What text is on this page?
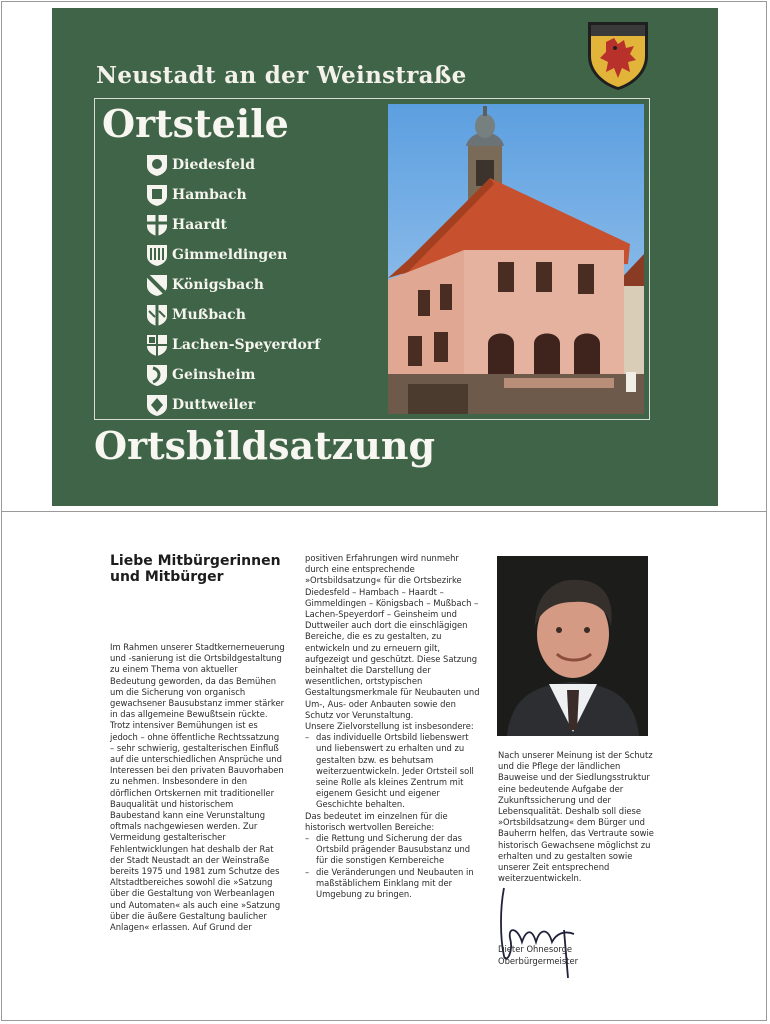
Neustadt an der Weinstraße
Ortsteile
Diedesfeld
Hambach
Haardt
Gimmeldingen
Königsbach
Mußbach
Lachen-Speyerdorf
Geinsheim
Duttweiler
Ortsbildsatzung
Liebe Mitbürgerinnen und Mitbürger

Im Rahmen unserer Stadtkernerneuerung und -sanierung ist die Ortsbildgestaltung zu einem Thema von aktueller Bedeutung geworden, da das Bemühen um die Sicherung von organisch gewachsener Bausubstanz immer stärker in das allgemeine Bewußtsein rückte. Trotz intensiver Bemühungen ist es jedoch – ohne öffentliche Rechtssatzung – sehr schwierig, gestalterischen Einfluß auf die unterschiedlichen Ansprüche und Interessen bei den privaten Bauvorhaben zu nehmen. Insbesondere in den dörflichen Ortskernen mit traditioneller Bauqualität und historischem Baubestand kann eine Verunstaltung oftmals nachgewiesen werden. Zur Vermeidung gestalterischer Fehlentwicklungen hat deshalb der Rat der Stadt Neustadt an der Weinstraße bereits 1975 und 1981 zum Schutze des Altstadtbereiches sowohl die »Satzung über die Gestaltung von Werbeanlagen und Automaten« als auch eine »Satzung über die äußere Gestaltung baulicher Anlagen« erlassen. Auf Grund der

positiven Erfahrungen wird nunmehr durch eine entsprechende »Ortsbildsatzung« für die Ortsbezirke Diedesfeld – Hambach – Haardt – Gimmeldingen – Königsbach – Mußbach – Lachen-Speyerdorf – Geinsheim und Duttweiler auch dort die einschlägigen Bereiche, die es zu gestalten, zu entwickeln und zu erneuern gilt, aufgezeigt und geschützt. Diese Satzung beinhaltet die Darstellung der wesentlichen, ortstypischen Gestaltungsmerkmale für Neubauten und Um-, Aus- oder Anbauten sowie den Schutz vor Verunstaltung.

Unsere Zielvorstellung ist insbesondere:

– das individuelle Ortsbild liebenswert und liebenswert zu erhalten und zu gestalten bzw. es behutsam weiterzuentwickeln. Jeder Ortsteil soll seine Rolle als kleines Zentrum mit eigenem Gesicht und eigener Geschichte behalten.

Das bedeutet im einzelnen für die historisch wertvollen Bereiche:

– die Rettung und Sicherung der das Ortsbild prägender Bausubstanz und für die sonstigen Kernbereiche
– die Veränderungen und Neubauten in maßstäblichem Einklang mit der Umgebung zu bringen.

Nach unserer Meinung ist der Schutz und die Pflege der ländlichen Bauweise und der Siedlungsstruktur eine bedeutende Aufgabe der Zukunftssicherung und der Lebensqualität. Deshalb soll diese »Ortsbildsatzung« dem Bürger und Bauherrn helfen, das Vertraute sowie historisch Gewachsene möglichst zu erhalten und zu gestalten sowie unserer Zeit entsprechend weiterzuentwickeln.

Dieter Ohnesorge

Oberbürgermeister
